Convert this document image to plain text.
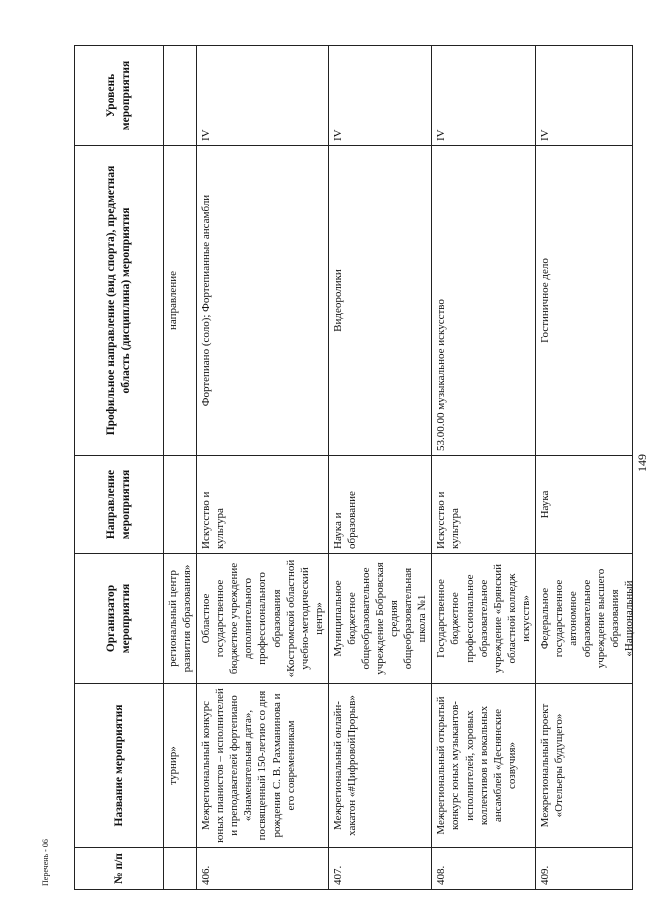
149
№ п/п	Название мероприятия	Организатор мероприятия	Направление мероприятия	Профильное направление (вид спорта), предметная область (дисциплина) мероприятия	Уровень мероприятия
	турнир»	региональный центр развития образования»		направление	
406.	Межрегиональный конкурс юных пианистов – исполнителей и преподавателей фортепиано «Знаменательная дата», посвященный 150-летию со дня рождения С. В. Рахманинова и его современникам	Областное государственное бюджетное учреждение дополнительного профессионального образования «Костромской областной учебно-методический центр»	Искусство и культура	Фортепиано (соло); Фортепианные ансамбли	IV
407.	Межрегиональный онлайн-хакатон «#ЦифровойПрорыв»	Муниципальное бюджетное общеобразовательное учреждение Бобровская средняя общеобразовательная школа №1	Наука и образование	Видеоролики	IV
408.	Межрегиональный открытый конкурс юных музыкантов-исполнителей, хоровых коллективов и вокальных ансамблей «Деснянские созвучия»	Государственное бюджетное профессиональное образовательное учреждение «Брянский областной колледж искусств»	Искусство и культура	53.00.00 музыкальное искусство	IV
409.	Межрегиональный проект «Отельеры будущего»	Федеральное государственное автономное образовательное учреждение высшего образования «Национальный	Наука	Гостиничное дело	IV
Перечень - 06
